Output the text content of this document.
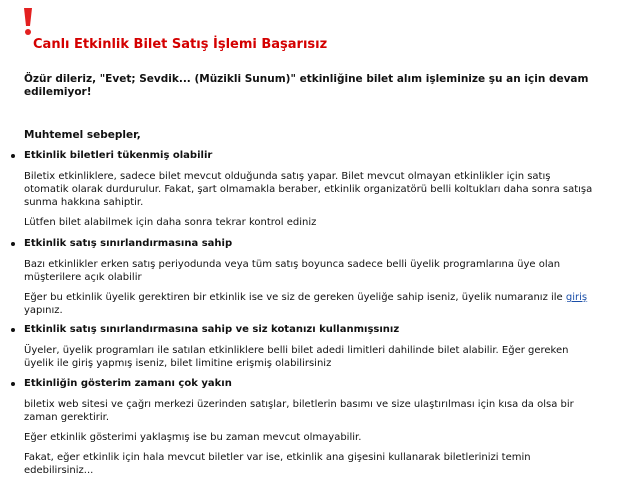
Canlı Etkinlik Bilet Satış İşlemi Başarısız
Özür dileriz, "Evet; Sevdik... (Müzikli Sunum)" etkinliğine bilet alım işleminize şu an için devam edilemiyor!
Muhtemel sebepler,
Etkinlik biletleri tükenmiş olabilir
Biletix etkinliklere, sadece bilet mevcut olduğunda satış yapar. Bilet mevcut olmayan etkinlikler için satış otomatik olarak durdurulur. Fakat, şart olmamakla beraber, etkinlik organizatörü belli koltukları daha sonra satışa sunma hakkına sahiptir.
Lütfen bilet alabilmek için daha sonra tekrar kontrol ediniz
Etkinlik satış sınırlandırmasına sahip
Bazı etkinlikler erken satış periyodunda veya tüm satış boyunca sadece belli üyelik programlarına üye olan müşterilere açık olabilir
Eğer bu etkinlik üyelik gerektiren bir etkinlik ise ve siz de gereken üyeliğe sahip iseniz, üyelik numaranız ile giriş yapınız.
Etkinlik satış sınırlandırmasına sahip ve siz kotanızı kullanmışsınız
Üyeler, üyelik programları ile satılan etkinliklere belli bilet adedi limitleri dahilinde bilet alabilir. Eğer gereken üyelik ile giriş yapmış iseniz, bilet limitine erişmiş olabilirsiniz
Etkinliğin gösterim zamanı çok yakın
biletix web sitesi ve çağrı merkezi üzerinden satışlar, biletlerin basımı ve size ulaştırılması için kısa da olsa bir zaman gerektirir.
Eğer etkinlik gösterimi yaklaşmış ise bu zaman mevcut olmayabilir.
Fakat, eğer etkinlik için hala mevcut biletler var ise, etkinlik ana gişesini kullanarak biletlerinizi temin edebilirsiniz...
